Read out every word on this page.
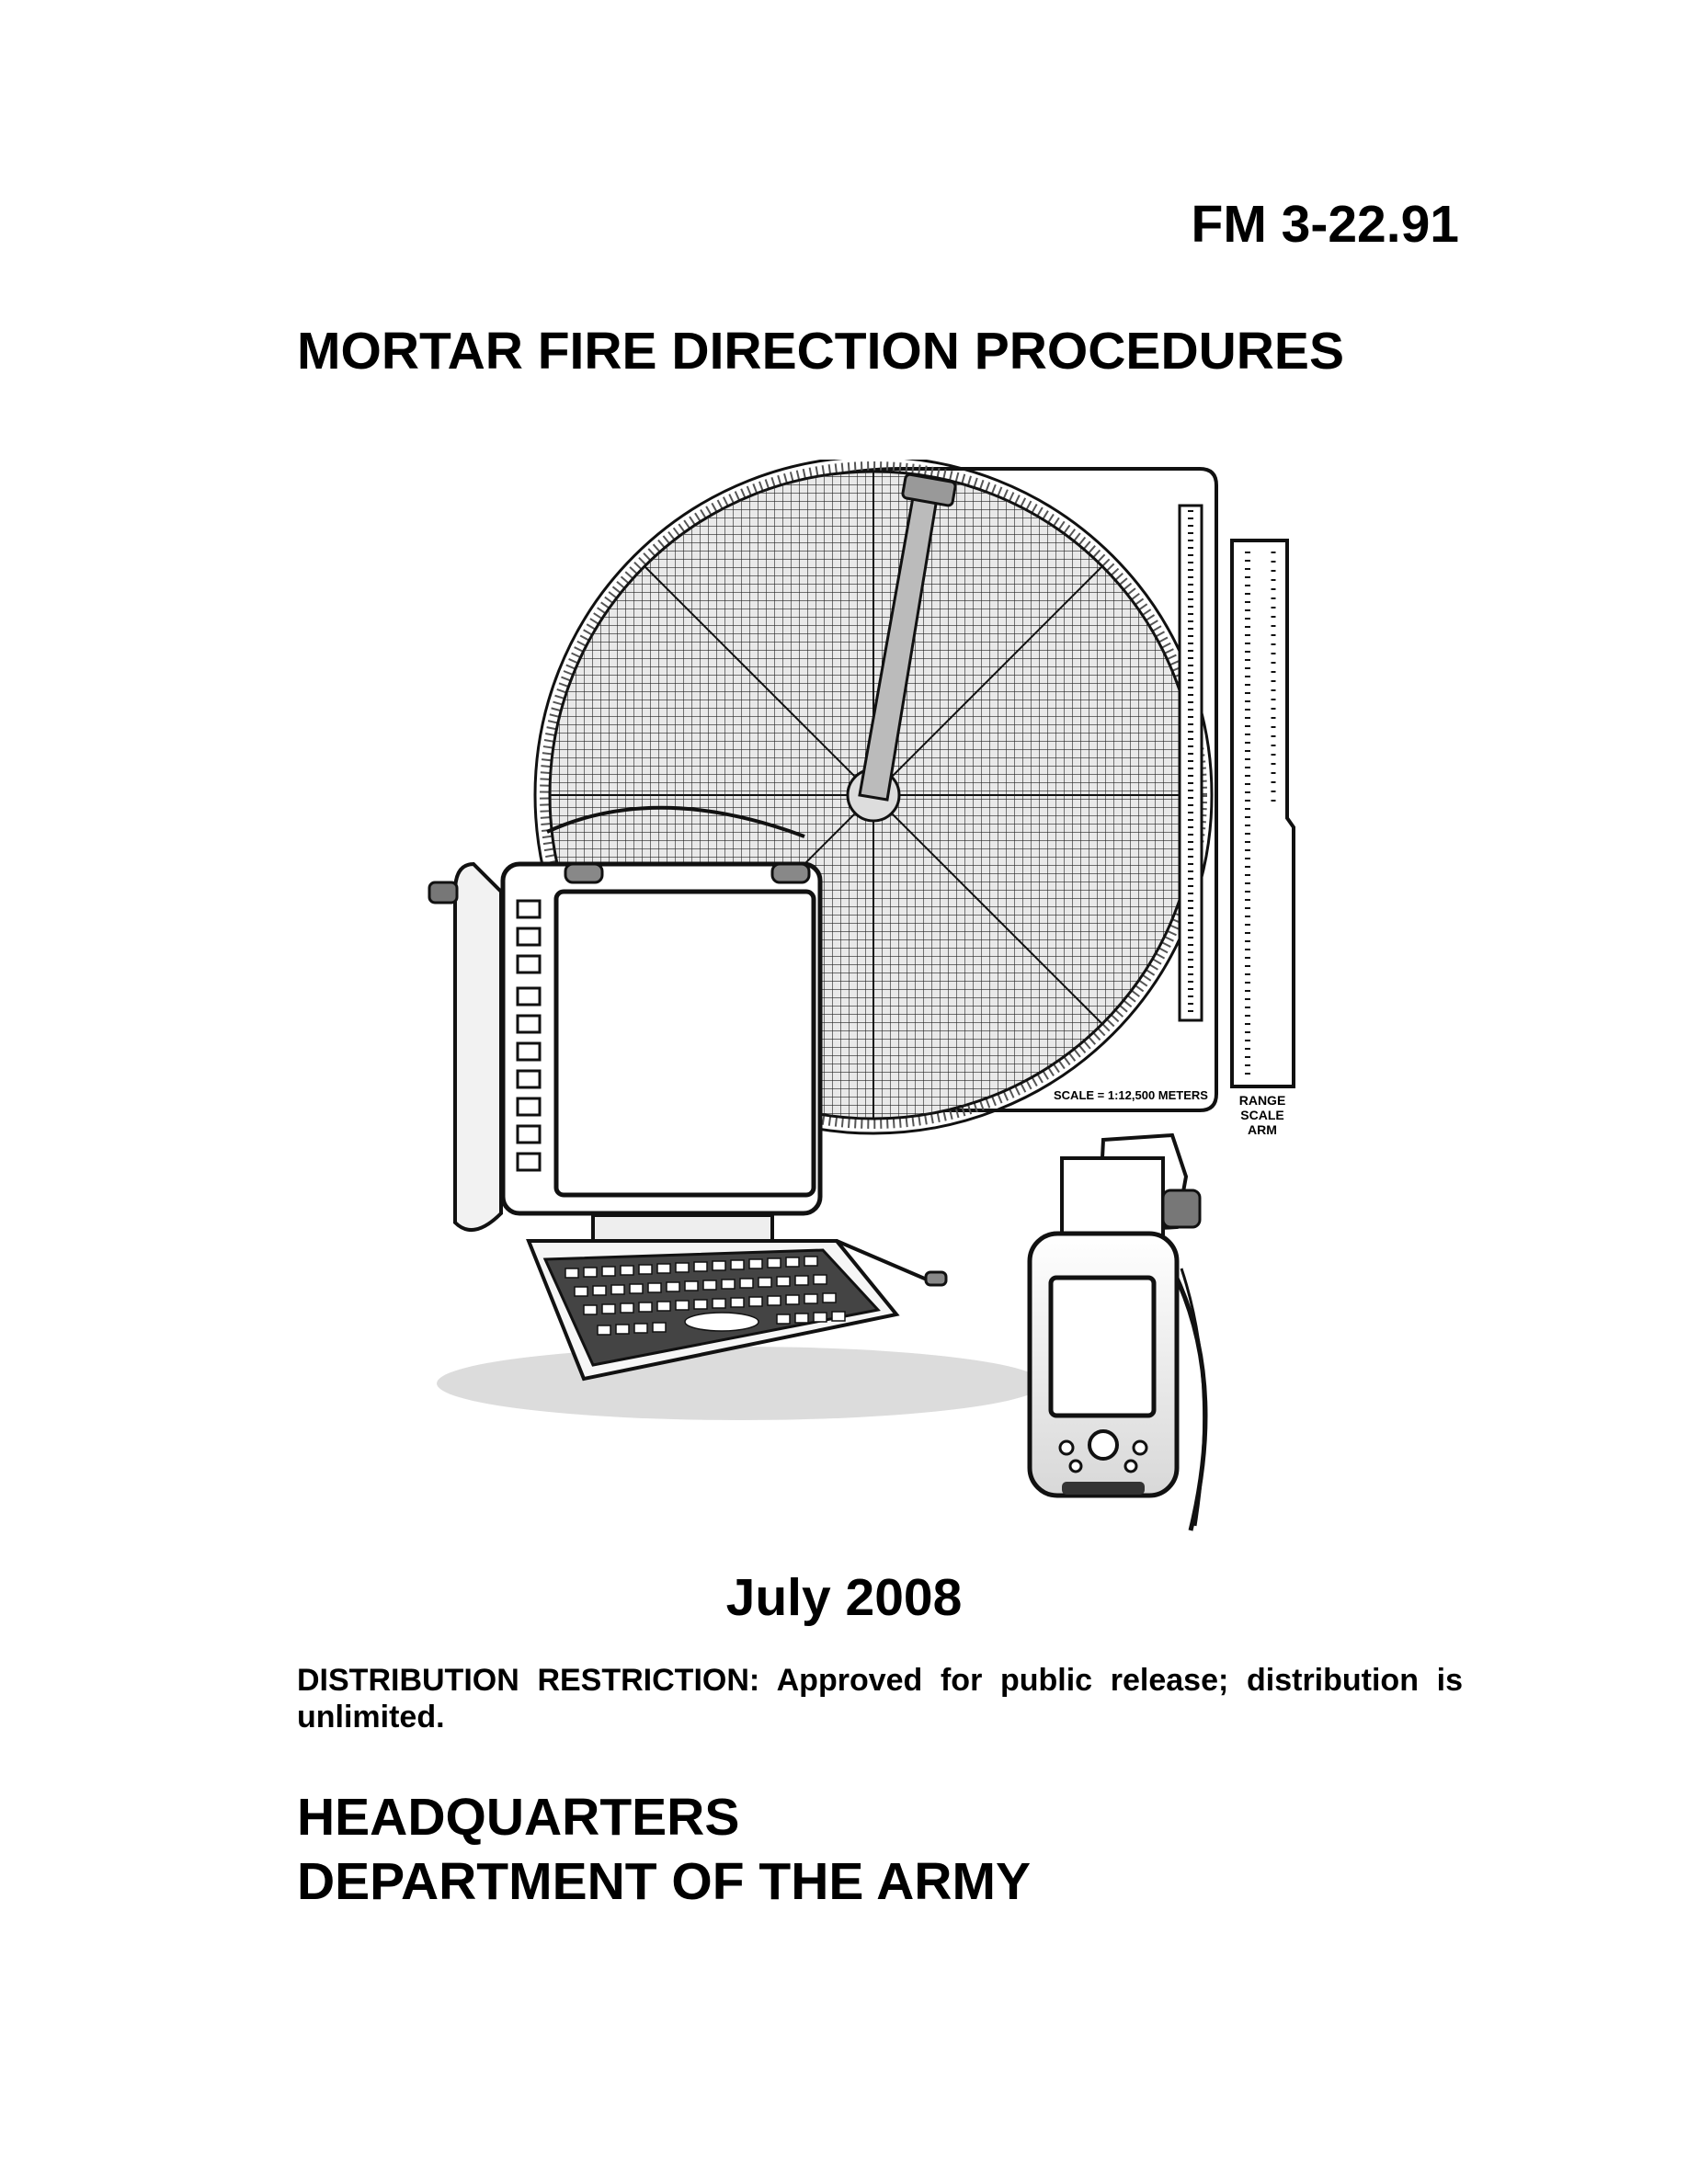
FM 3-22.91
MORTAR FIRE DIRECTION PROCEDURES
SCALE = 1:12,500 METERS RANGE
SCALE
ARM
July 2008
DISTRIBUTION RESTRICTION: Approved for public release; distribution is unlimited.
HEADQUARTERS
DEPARTMENT OF THE ARMY
